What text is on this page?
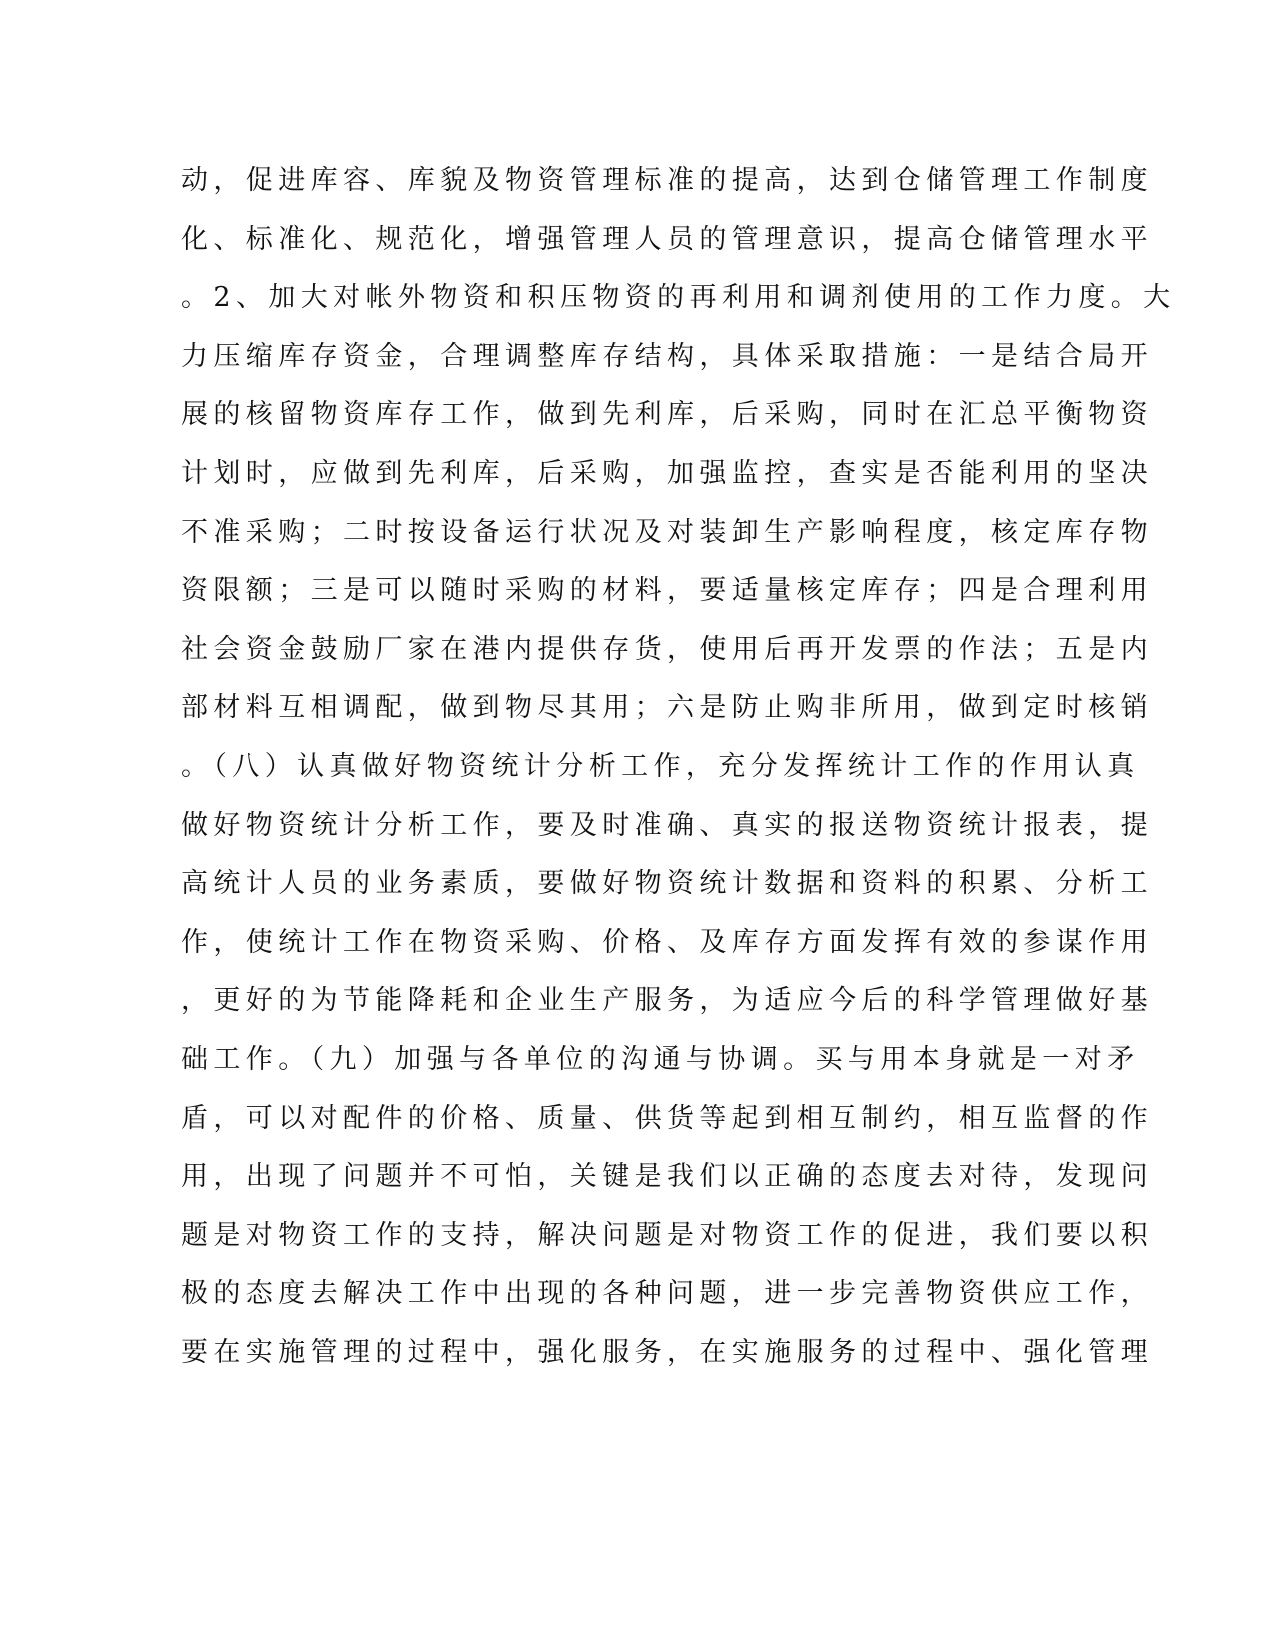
动，促进库容、库貌及物资管理标准的提高，达到仓储管理工作制度
化、标准化、规范化，增强管理人员的管理意识，提高仓储管理水平
。2、加大对帐外物资和积压物资的再利用和调剂使用的工作力度。大
力压缩库存资金，合理调整库存结构，具体采取措施：一是结合局开
展的核留物资库存工作，做到先利库，后采购，同时在汇总平衡物资
计划时，应做到先利库，后采购，加强监控，查实是否能利用的坚决
不准采购；二时按设备运行状况及对装卸生产影响程度，核定库存物
资限额；三是可以随时采购的材料，要适量核定库存；四是合理利用
社会资金鼓励厂家在港内提供存货，使用后再开发票的作法；五是内
部材料互相调配，做到物尽其用；六是防止购非所用，做到定时核销
。（八）认真做好物资统计分析工作，充分发挥统计工作的作用认真
做好物资统计分析工作，要及时准确、真实的报送物资统计报表，提
高统计人员的业务素质，要做好物资统计数据和资料的积累、分析工
作，使统计工作在物资采购、价格、及库存方面发挥有效的参谋作用
，更好的为节能降耗和企业生产服务，为适应今后的科学管理做好基
础工作。（九）加强与各单位的沟通与协调。买与用本身就是一对矛
盾，可以对配件的价格、质量、供货等起到相互制约，相互监督的作
用，出现了问题并不可怕，关键是我们以正确的态度去对待，发现问
题是对物资工作的支持，解决问题是对物资工作的促进，我们要以积
极的态度去解决工作中出现的各种问题，进一步完善物资供应工作，
要在实施管理的过程中，强化服务，在实施服务的过程中、强化管理
